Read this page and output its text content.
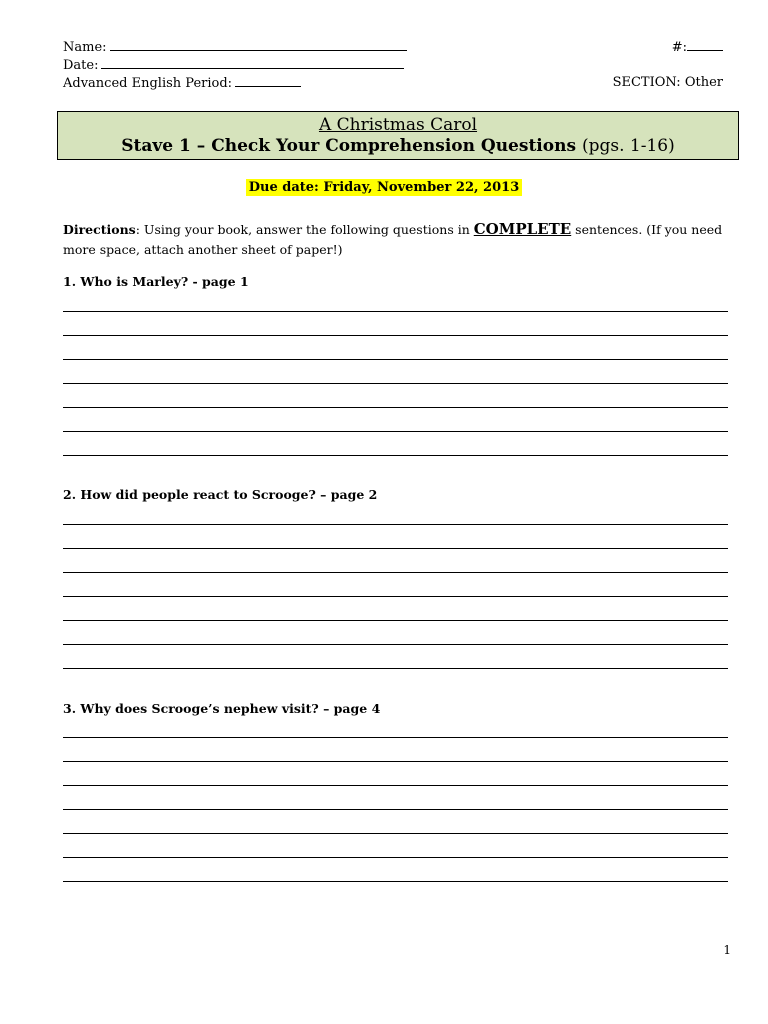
Name:	#:
Date:
Advanced English Period:	SECTION: Other
A Christmas Carol
Stave 1 – Check Your Comprehension Questions (pgs. 1-16)
Due date: Friday, November 22, 2013
Directions: Using your book, answer the following questions in COMPLETE sentences. (If you need more space, attach another sheet of paper!)
1. Who is Marley? - page 1
2. How did people react to Scrooge? – page 2
3. Why does Scrooge’s nephew visit? – page 4
1
